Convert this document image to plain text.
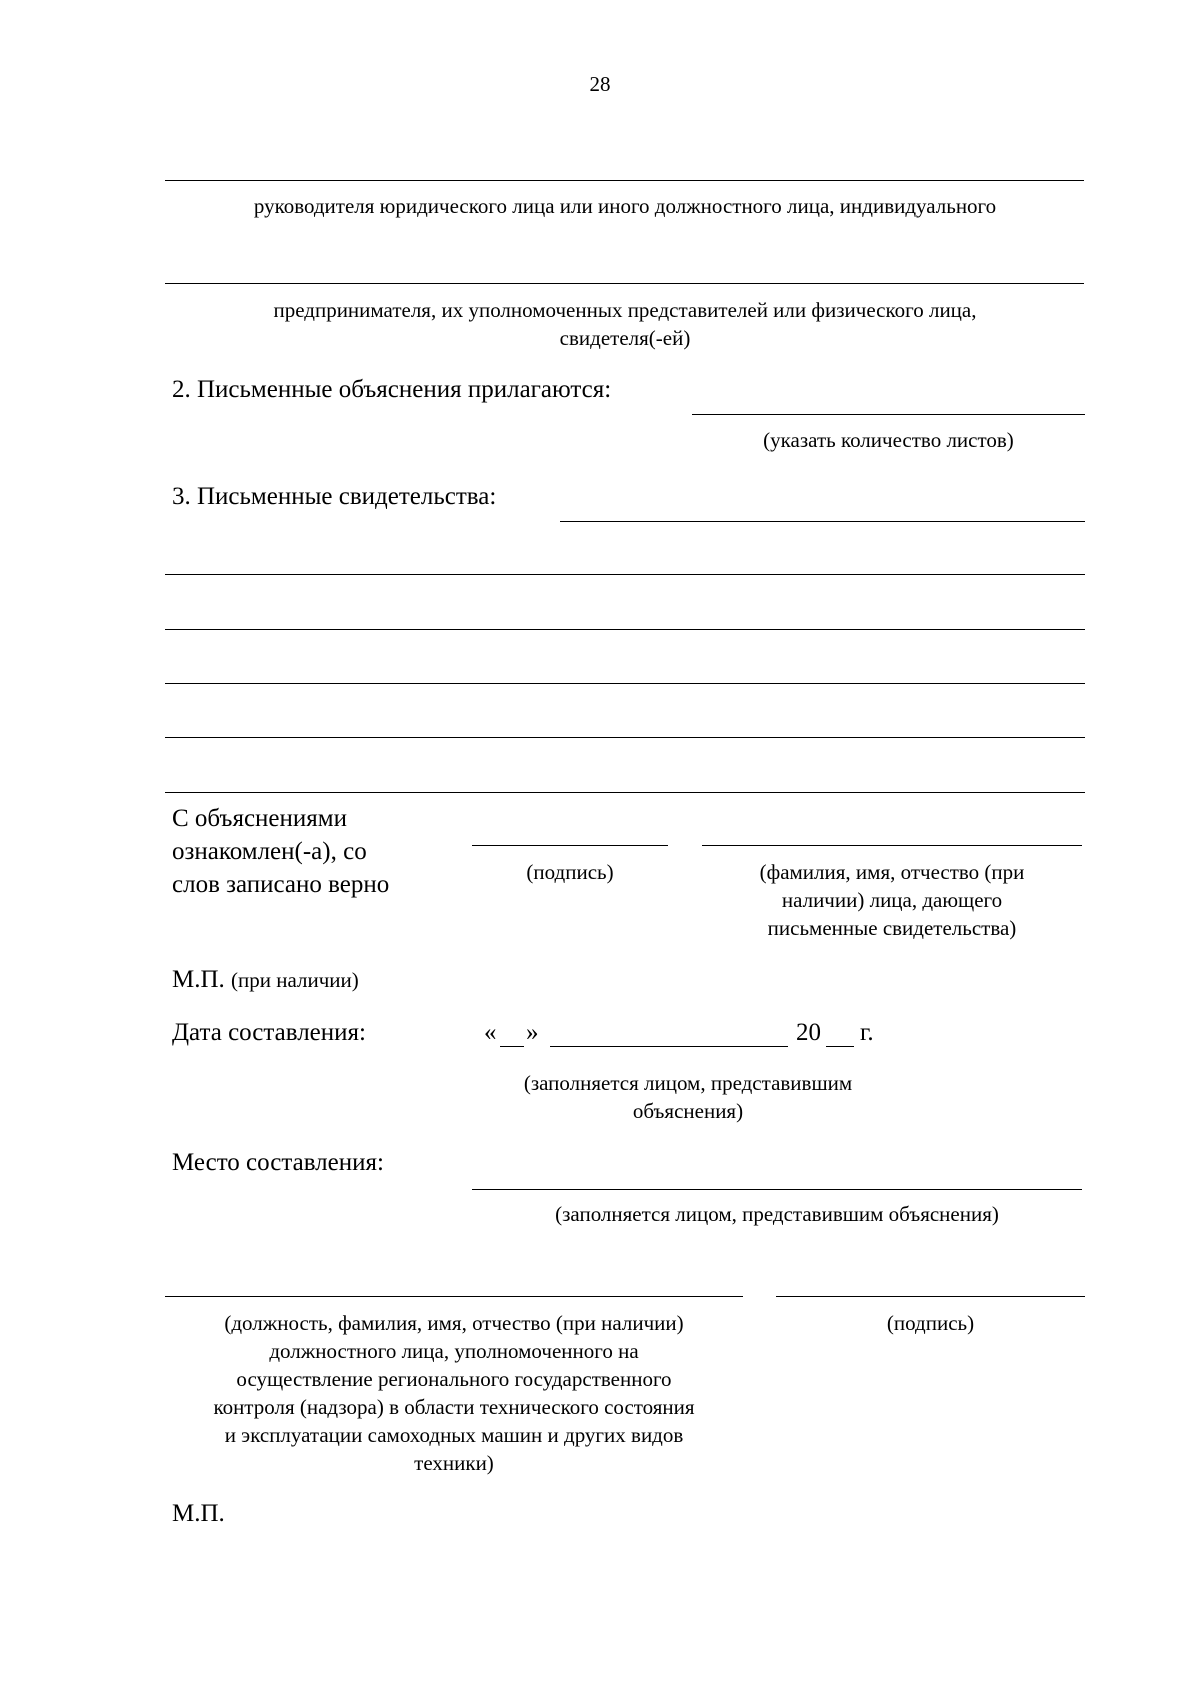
28
руководителя юридического лица или иного должностного лица, индивидуального
предпринимателя, их уполномоченных представителей или физического лица,
свидетеля(-ей)
2. Письменные объяснения прилагаются:
(указать количество листов)
3. Письменные свидетельства:
С объяснениями
ознакомлен(-а), со
слов записано верно	(подпись)	(фамилия, имя, отчество (при
наличии) лица, дающего
письменные свидетельства)
М.П. (при наличии)
Дата составления:	« »	20 г.
(заполняется лицом, представившим
объяснения)
Место составления:
(заполняется лицом, представившим объяснения)
(должность, фамилия, имя, отчество (при наличии)
должностного лица, уполномоченного на
осуществление регионального государственного
контроля (надзора) в области технического состояния
и эксплуатации самоходных машин и других видов
техники)
(подпись)
М.П.
